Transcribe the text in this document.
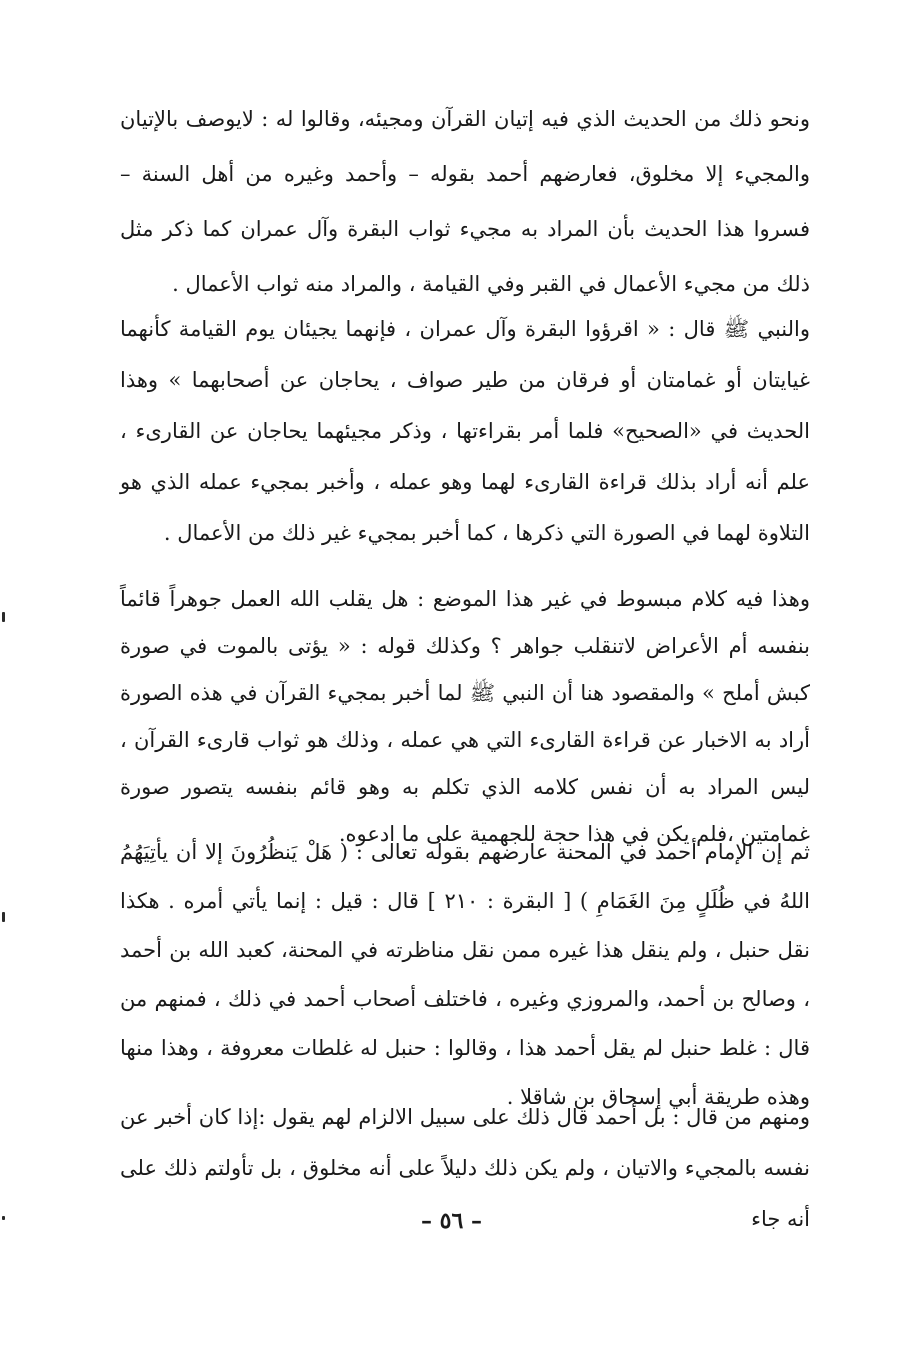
ونحو ذلك من الحديث الذي فيه إتيان القرآن ومجيئه، وقالوا له : لايوصف بالإتيان والمجيء إلا مخلوق، فعارضهم أحمد بقوله – وأحمد وغيره من أهل السنة – فسروا هذا الحديث بأن المراد به مجيء ثواب البقرة وآل عمران كما ذكر مثل ذلك من مجيء الأعمال في القبر وفي القيامة ، والمراد منه ثواب الأعمال .

والنبي ﷺ قال : « اقرؤوا البقرة وآل عمران ، فإنهما يجيئان يوم القيامة كأنهما غيايتان أو غمامتان أو فرقان من طير صواف ، يحاجان عن أصحابهما » وهذا الحديث في «الصحيح» فلما أمر بقراءتها ، وذكر مجيئهما يحاجان عن القارىء ، علم أنه أراد بذلك قراءة القارىء لهما وهو عمله ، وأخبر بمجيء عمله الذي هو التلاوة لهما في الصورة التي ذكرها ، كما أخبر بمجيء غير ذلك من الأعمال .

وهذا فيه كلام مبسوط في غير هذا الموضع : هل يقلب الله العمل جوهراً قائماً بنفسه أم الأعراض لاتنقلب جواهر ؟ وكذلك قوله : « يؤتى بالموت في صورة كبش أملح » والمقصود هنا أن النبي ﷺ لما أخبر بمجيء القرآن في هذه الصورة أراد به الاخبار عن قراءة القارىء التي هي عمله ، وذلك هو ثواب قارىء القرآن ، ليس المراد به أن نفس كلامه الذي تكلم به وهو قائم بنفسه يتصور صورة غمامتين ،فلم يكن في هذا حجة للجهمية على ما ادعوه.

ثم إن الإمام أحمد في المحنة عارضهم بقوله تعالى : ( هَلْ يَنظُرُونَ إلا أن يأتِيَهُمُ اللهُ في ظُلَلٍ مِنَ الغَمَامِ ) [ البقرة : ٢١٠ ] قال : قيل : إنما يأتي أمره . هكذا نقل حنبل ، ولم ينقل هذا غيره ممن نقل مناظرته في المحنة، كعبد الله بن أحمد ، وصالح بن أحمد، والمروزي وغيره ، فاختلف أصحاب أحمد في ذلك ، فمنهم من قال : غلط حنبل لم يقل أحمد هذا ، وقالوا : حنبل له غلطات معروفة ، وهذا منها وهذه طريقة أبي إسحاق بن شاقلا .

ومنهم من قال : بل أحمد قال ذلك على سبيل الالزام لهم يقول :إذا كان أخبر عن نفسه بالمجيء والاتيان ، ولم يكن ذلك دليلاً على أنه مخلوق ، بل تأولتم ذلك على أنه جاء

– ٥٦ –
